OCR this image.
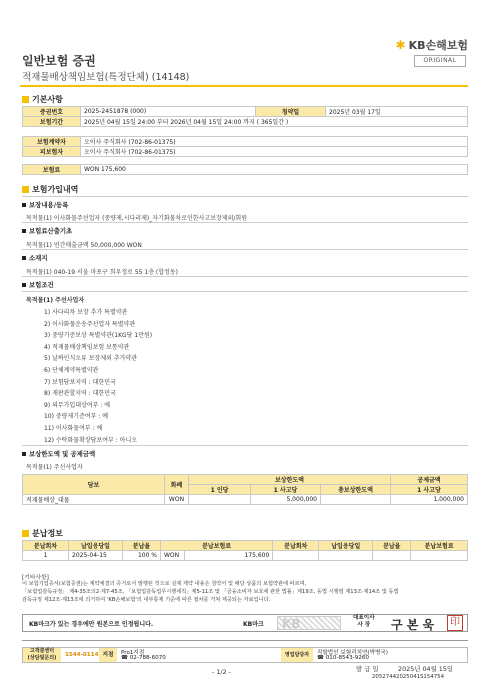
✱ KB손해보험
ORIGINAL
일반보험 증권
적재물배상책임보험(특정단체) (14148)
기본사항
증권번호	2025-2451878 (000)	청약일	2025년 03월 17일
보험기간	2025년 04월 15일 24:00 부터 2026년 04월 15일 24:00 까지 ( 365일간 )		
보험계약자	오이사 주식회사 (702-86-01375)
피보험자	오이사 주식회사 (702-86-01375)
보험료	WON 175,600
보험가입내역
보장내용/등록
목적물(1) 이사화물주선업자 (중량제,시다리제)_자기화물차로인한사고보장제외/회원
보험료산출기초
목적물(1) 연간매출금액 50,000,000 WON
소재지
목적물(1) 040-19 서울 마포구 희우정로 55 1층 (합정동)
보험조건
목적물(1) 주선사업자
1) 사다리차 보장 추가 특별약관
2) 이사화물운송주선업자 특별약관
3) 중량기준보상 특별약관(1KG당 1만원)
4) 적재물배상책임보험 보통약관
5) 날짜인식오류 보장제외 추가약관
6) 단체계약특별약관
7) 보험담보지역 : 대한민국
8) 재판관할지역 : 대한민국
9) 의무가입대상여부 : 예
10) 중량제기준여부 : 예
11) 이사화물여부 : 예
12) 수탁화물확장담보여부 : 아니오
보상한도액 및 공제금액
목적물(1) 주선사업자
담보	화폐	보상한도액			공제금액
		1 인당	1 사고당	총보상한도액	1 사고당
적재물배상_대물	WON		5,000,000		1,000,000
분납정보
분납회차	납입응당일	분납율	분납보험료		분납회차	납입응당일	분납율	분납보험료
1	2025-04-15	100 %	WON	175,600				
[기타사항]
이 보험기업증서(보험증권)는 계약체결의 증거로서 발행된 것으로 실제 계약 내용은 청약서 및 해당 상품의 보험약관에 따르며,
「보험업감독규정」 제4-35조의2·제7-45조, 「보험업감독업무시행세칙」제5-11조 및 「금융소비자 보호에 관한 법률」제19조, 동법 시행령 제13조·제14조 및 동법
감독규정 제12조·제13조에 의거하여 'KB손해보험'의 내부통제 기준에 따른 절차를 거쳐 제공되는 자료입니다.
KB마크가 있는 경우에만 원본으로 인정됩니다.	KB마크 KB	대표이사
사 장	구 본 욱	印
고객콜센터
(상담및문의)	1544-0114 지점	Pro1지점
☎ 02-788-6070	영업담당자	직할법인 보험리치연(박병국)
☎ 010-8543-9260
- 1/2 -	발 급 일	2025년 04월 15일
20527442025041S154754
